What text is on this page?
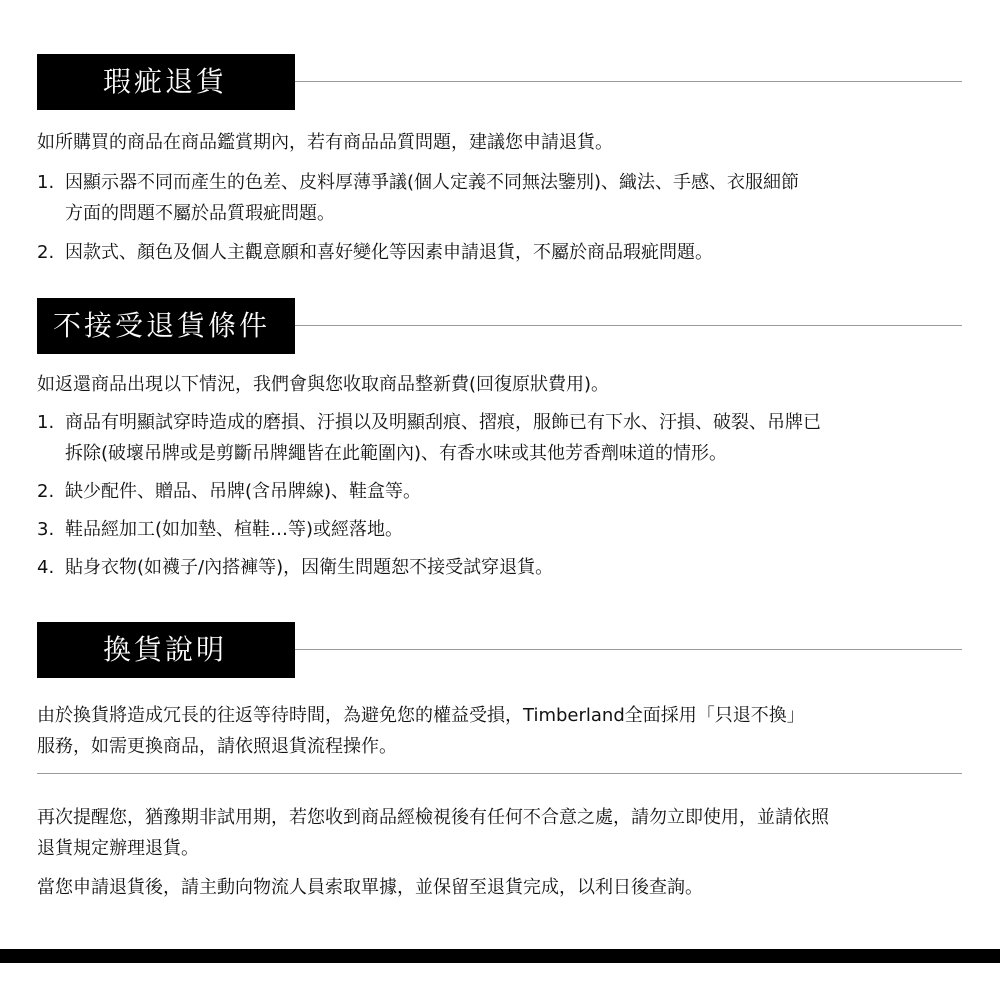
瑕疵退貨

如所購買的商品在商品鑑賞期內，若有商品品質問題，建議您申請退貨。

1. 因顯示器不同而產生的色差、皮料厚薄爭議(個人定義不同無法鑒別)、織法、手感、衣服細節
方面的問題不屬於品質瑕疵問題。
2. 因款式、顏色及個人主觀意願和喜好變化等因素申請退貨，不屬於商品瑕疵問題。
不接受退貨條件

如返還商品出現以下情況，我們會與您收取商品整新費(回復原狀費用)。

1. 商品有明顯試穿時造成的磨損、汙損以及明顯刮痕、摺痕，服飾已有下水、汙損、破裂、吊牌已
拆除(破壞吊牌或是剪斷吊牌繩皆在此範圍內)、有香水味或其他芳香劑味道的情形。
2. 缺少配件、贈品、吊牌(含吊牌線)、鞋盒等。
3. 鞋品經加工(如加墊、楦鞋…等)或經落地。
4. 貼身衣物(如襪子/內搭褲等)，因衛生問題恕不接受試穿退貨。
換貨說明

由於換貨將造成冗長的往返等待時間，為避免您的權益受損，Timberland全面採用「只退不換」

服務，如需更換商品，請依照退貨流程操作。

再次提醒您，猶豫期非試用期，若您收到商品經檢視後有任何不合意之處，請勿立即使用，並請依照

退貨規定辦理退貨。

當您申請退貨後，請主動向物流人員索取單據，並保留至退貨完成，以利日後查詢。
